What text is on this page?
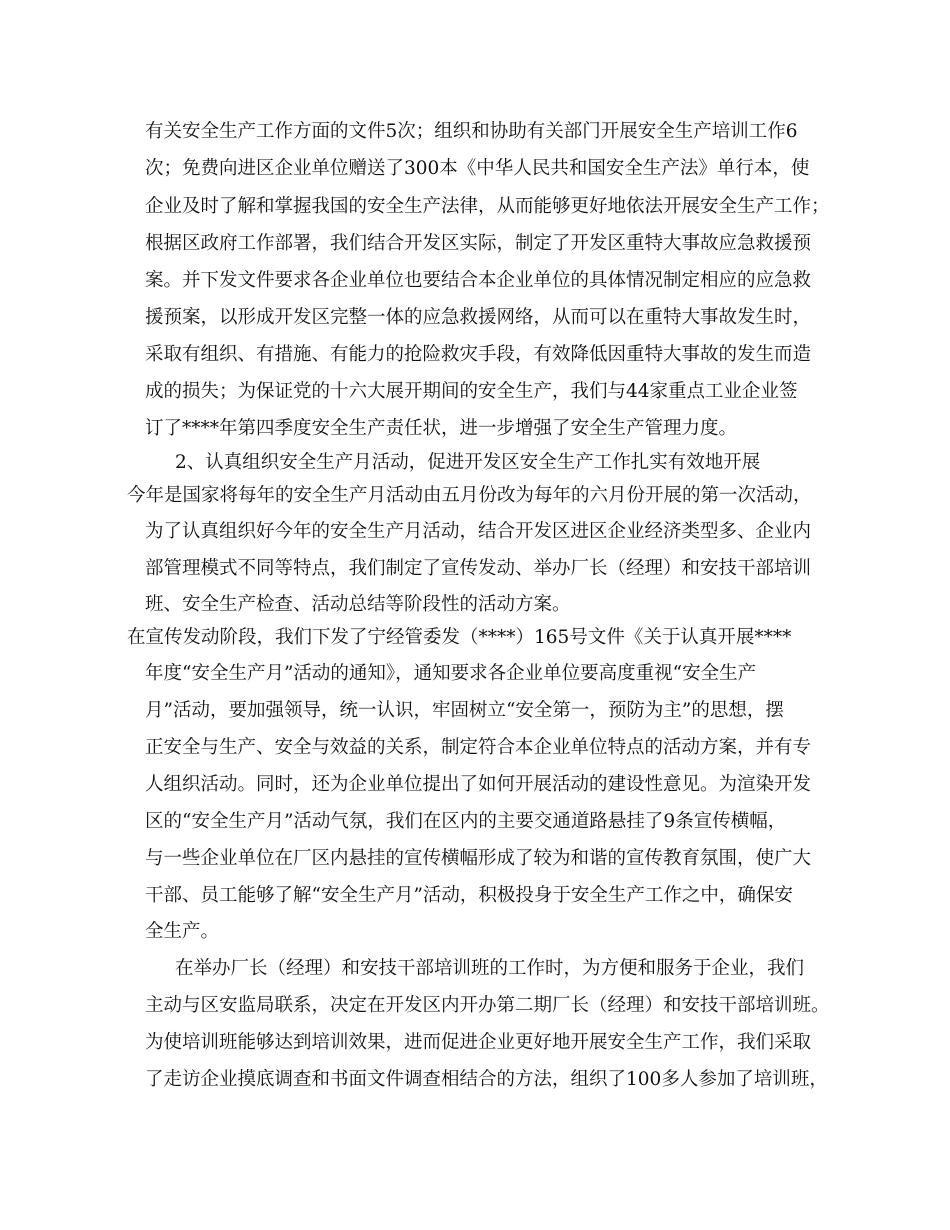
有关安全生产工作方面的文件5次；组织和协助有关部门开展安全生产培训工作6
次；免费向进区企业单位赠送了300本《中华人民共和国安全生产法》单行本，使
企业及时了解和掌握我国的安全生产法律，从而能够更好地依法开展安全生产工作；
根据区政府工作部署，我们结合开发区实际，制定了开发区重特大事故应急救援预
案。并下发文件要求各企业单位也要结合本企业单位的具体情况制定相应的应急救
援预案，以形成开发区完整一体的应急救援网络，从而可以在重特大事故发生时，
采取有组织、有措施、有能力的抢险救灾手段，有效降低因重特大事故的发生而造
成的损失；为保证党的十六大展开期间的安全生产，我们与44家重点工业企业签
订了****年第四季度安全生产责任状，进一步增强了安全生产管理力度。
2、认真组织安全生产月活动，促进开发区安全生产工作扎实有效地开展
今年是国家将每年的安全生产月活动由五月份改为每年的六月份开展的第一次活动，
为了认真组织好今年的安全生产月活动，结合开发区进区企业经济类型多、企业内
部管理模式不同等特点，我们制定了宣传发动、举办厂长（经理）和安技干部培训
班、安全生产检查、活动总结等阶段性的活动方案。
在宣传发动阶段，我们下发了宁经管委发（****）165号文件《关于认真开展****
年度“安全生产月”活动的通知》，通知要求各企业单位要高度重视“安全生产
月”活动，要加强领导，统一认识，牢固树立“安全第一，预防为主”的思想，摆
正安全与生产、安全与效益的关系，制定符合本企业单位特点的活动方案，并有专
人组织活动。同时，还为企业单位提出了如何开展活动的建设性意见。为渲染开发
区的“安全生产月”活动气氛，我们在区内的主要交通道路悬挂了9条宣传横幅，
与一些企业单位在厂区内悬挂的宣传横幅形成了较为和谐的宣传教育氛围，使广大
干部、员工能够了解“安全生产月”活动，积极投身于安全生产工作之中，确保安
全生产。
在举办厂长（经理）和安技干部培训班的工作时，为方便和服务于企业，我们
主动与区安监局联系，决定在开发区内开办第二期厂长（经理）和安技干部培训班。
为使培训班能够达到培训效果，进而促进企业更好地开展安全生产工作，我们采取
了走访企业摸底调查和书面文件调查相结合的方法，组织了100多人参加了培训班，
